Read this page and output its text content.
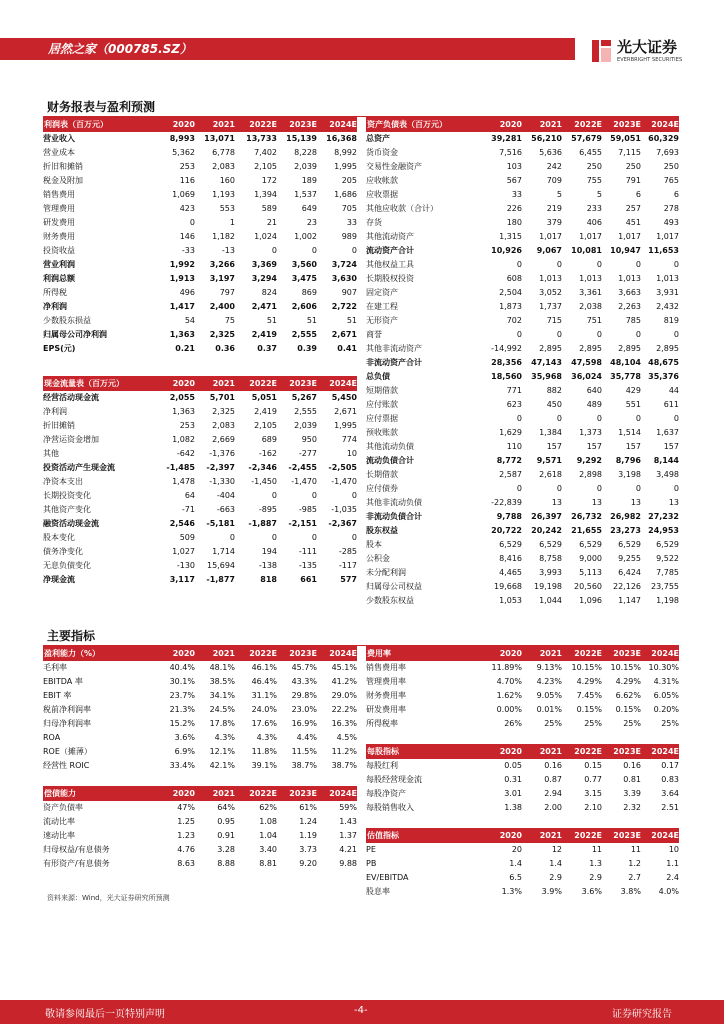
居然之家（000785.SZ）	光大证券
EVERBRIGHT SECURITIES
财务报表与盈利预测
利润表（百万元）	2020	2021	2022E	2023E	2024E
营业收入	8,993	13,071	13,733	15,139	16,368
营业成本	5,362	6,778	7,402	8,228	8,992
折旧和摊销	253	2,083	2,105	2,039	1,995
税金及附加	116	160	172	189	205
销售费用	1,069	1,193	1,394	1,537	1,686
管理费用	423	553	589	649	705
研发费用	0	1	21	23	33
财务费用	146	1,182	1,024	1,002	989
投资收益	-33	-13	0	0	0
营业利润	1,992	3,266	3,369	3,560	3,724
利润总额	1,913	3,197	3,294	3,475	3,630
所得税	496	797	824	869	907
净利润	1,417	2,400	2,471	2,606	2,722
少数股东损益	54	75	51	51	51
归属母公司净利润	1,363	2,325	2,419	2,555	2,671
EPS(元)	0.21	0.36	0.37	0.39	0.41
现金流量表（百万元）	2020	2021	2022E	2023E	2024E
经营活动现金流	2,055	5,701	5,051	5,267	5,450
净利润	1,363	2,325	2,419	2,555	2,671
折旧摊销	253	2,083	2,105	2,039	1,995
净营运资金增加	1,082	2,669	689	950	774
其他	-642	-1,376	-162	-277	10
投资活动产生现金流	-1,485	-2,397	-2,346	-2,455	-2,505
净资本支出	1,478	-1,330	-1,450	-1,470	-1,470
长期投资变化	64	-404	0	0	0
其他资产变化	-71	-663	-895	-985	-1,035
融资活动现金流	2,546	-5,181	-1,887	-2,151	-2,367
股本变化	509	0	0	0	0
债务净变化	1,027	1,714	194	-111	-285
无息负债变化	-130	15,694	-138	-135	-117
净现金流	3,117	-1,877	818	661	577
资产负债表（百万元）	2020	2021	2022E	2023E	2024E
总资产	39,281	56,210	57,679	59,051	60,329
货币资金	7,516	5,636	6,455	7,115	7,693
交易性金融资产	103	242	250	250	250
应收帐款	567	709	755	791	765
应收票据	33	5	5	6	6
其他应收款（合计）	226	219	233	257	278
存货	180	379	406	451	493
其他流动资产	1,315	1,017	1,017	1,017	1,017
流动资产合计	10,926	9,067	10,081	10,947	11,653
其他权益工具	0	0	0	0	0
长期股权投资	608	1,013	1,013	1,013	1,013
固定资产	2,504	3,052	3,361	3,663	3,931
在建工程	1,873	1,737	2,038	2,263	2,432
无形资产	702	715	751	785	819
商誉	0	0	0	0	0
其他非流动资产	-14,992	2,895	2,895	2,895	2,895
非流动资产合计	28,356	47,143	47,598	48,104	48,675
总负债	18,560	35,968	36,024	35,778	35,376
短期借款	771	882	640	429	44
应付账款	623	450	489	551	611
应付票据	0	0	0	0	0
预收账款	1,629	1,384	1,373	1,514	1,637
其他流动负债	110	157	157	157	157
流动负债合计	8,772	9,571	9,292	8,796	8,144
长期借款	2,587	2,618	2,898	3,198	3,498
应付债券	0	0	0	0	0
其他非流动负债	-22,839	13	13	13	13
非流动负债合计	9,788	26,397	26,732	26,982	27,232
股东权益	20,722	20,242	21,655	23,273	24,953
股本	6,529	6,529	6,529	6,529	6,529
公积金	8,416	8,758	9,000	9,255	9,522
未分配利润	4,465	3,993	5,113	6,424	7,785
归属母公司权益	19,668	19,198	20,560	22,126	23,755
少数股东权益	1,053	1,044	1,096	1,147	1,198
主要指标
盈利能力（%）	2020	2021	2022E	2023E	2024E
毛利率	40.4%	48.1%	46.1%	45.7%	45.1%
EBITDA 率	30.1%	38.5%	46.4%	43.3%	41.2%
EBIT 率	23.7%	34.1%	31.1%	29.8%	29.0%
税前净利润率	21.3%	24.5%	24.0%	23.0%	22.2%
归母净利润率	15.2%	17.8%	17.6%	16.9%	16.3%
ROA	3.6%	4.3%	4.3%	4.4%	4.5%
ROE（摊薄）	6.9%	12.1%	11.8%	11.5%	11.2%
经营性 ROIC	33.4%	42.1%	39.1%	38.7%	38.7%
偿债能力	2020	2021	2022E	2023E	2024E
资产负债率	47%	64%	62%	61%	59%
流动比率	1.25	0.95	1.08	1.24	1.43
速动比率	1.23	0.91	1.04	1.19	1.37
归母权益/有息债务	4.76	3.28	3.40	3.73	4.21
有形资产/有息债务	8.63	8.88	8.81	9.20	9.88
费用率	2020	2021	2022E	2023E	2024E
销售费用率	11.89%	9.13%	10.15%	10.15%	10.30%
管理费用率	4.70%	4.23%	4.29%	4.29%	4.31%
财务费用率	1.62%	9.05%	7.45%	6.62%	6.05%
研发费用率	0.00%	0.01%	0.15%	0.15%	0.20%
所得税率	26%	25%	25%	25%	25%
每股指标	2020	2021	2022E	2023E	2024E
每股红利	0.05	0.16	0.15	0.16	0.17
每股经营现金流	0.31	0.87	0.77	0.81	0.83
每股净资产	3.01	2.94	3.15	3.39	3.64
每股销售收入	1.38	2.00	2.10	2.32	2.51
估值指标	2020	2021	2022E	2023E	2024E
PE	20	12	11	11	10
PB	1.4	1.4	1.3	1.2	1.1
EV/EBITDA	6.5	2.9	2.9	2.7	2.4
股息率	1.3%	3.9%	3.6%	3.8%	4.0%
资料来源：Wind，光大证券研究所预测
敬请参阅最后一页特别声明	-4-	证券研究报告
